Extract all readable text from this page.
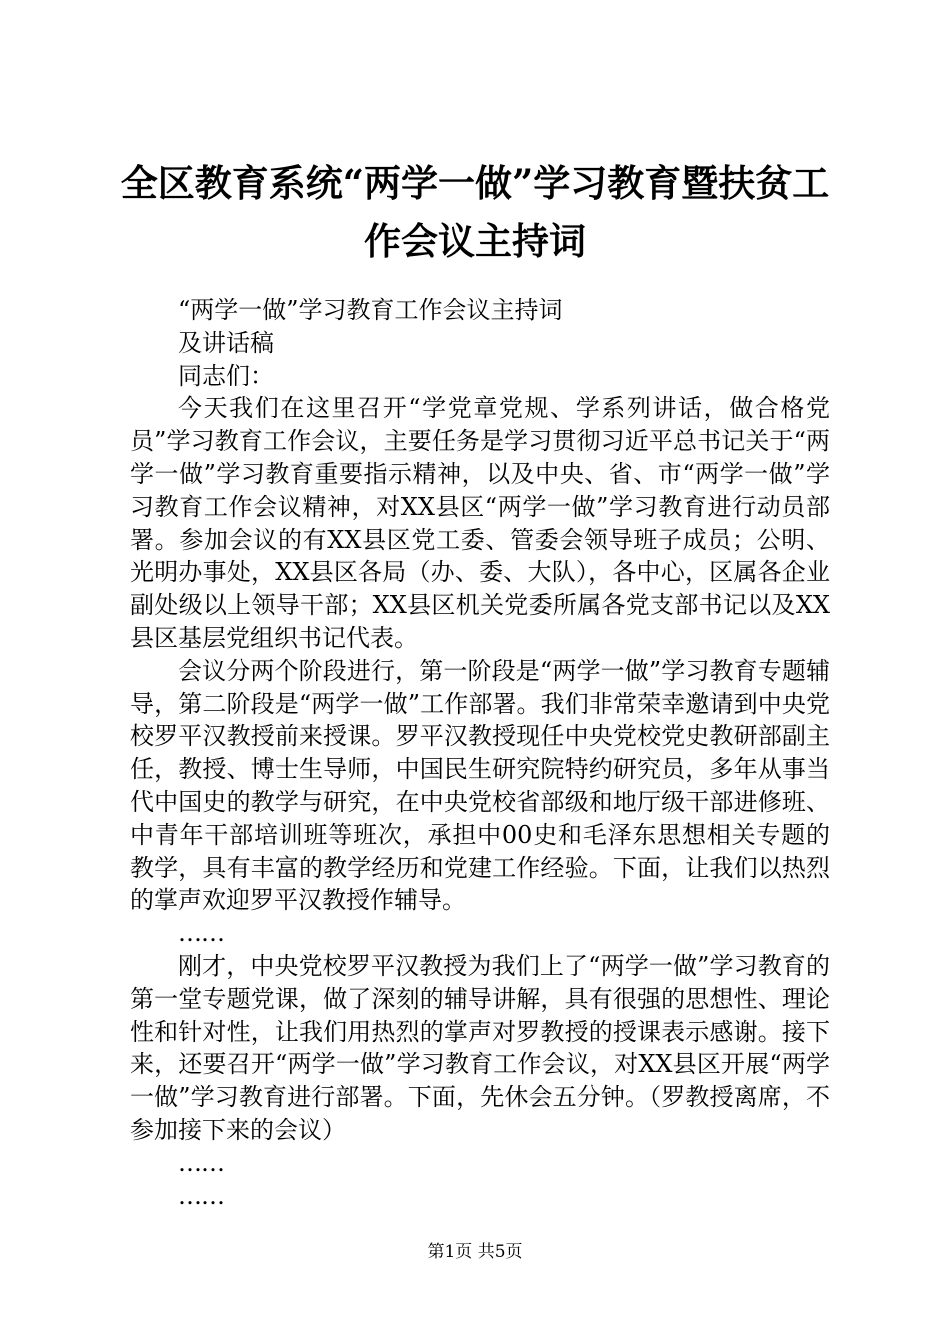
全区教育系统“两学一做”学习教育暨扶贫工
作会议主持词

“两学一做”学习教育工作会议主持词

及讲话稿

同志们：

今天我们在这里召开“学党章党规、学系列讲话，做合格党员”学习教育工作会议，主要任务是学习贯彻习近平总书记关于“两学一做”学习教育重要指示精神，以及中央、省、市“两学一做”学习教育工作会议精神，对XX县区“两学一做”学习教育进行动员部署。参加会议的有XX县区党工委、管委会领导班子成员；公明、光明办事处，XX县区各局（办、委、大队），各中心，区属各企业副处级以上领导干部；XX县区机关党委所属各党支部书记以及XX县区基层党组织书记代表。

会议分两个阶段进行，第一阶段是“两学一做”学习教育专题辅导，第二阶段是“两学一做”工作部署。我们非常荣幸邀请到中央党校罗平汉教授前来授课。罗平汉教授现任中央党校党史教研部副主任，教授、博士生导师，中国民生研究院特约研究员，多年从事当代中国史的教学与研究，在中央党校省部级和地厅级干部进修班、中青年干部培训班等班次，承担中00史和毛泽东思想相关专题的教学，具有丰富的教学经历和党建工作经验。下面，让我们以热烈的掌声欢迎罗平汉教授作辅导。

……

刚才，中央党校罗平汉教授为我们上了“两学一做”学习教育的第一堂专题党课，做了深刻的辅导讲解，具有很强的思想性、理论性和针对性，让我们用热烈的掌声对罗教授的授课表示感谢。接下来，还要召开“两学一做”学习教育工作会议，对XX县区开展“两学一做”学习教育进行部署。下面，先休会五分钟。（罗教授离席，不参加接下来的会议）

……

……

第1页 共5页
